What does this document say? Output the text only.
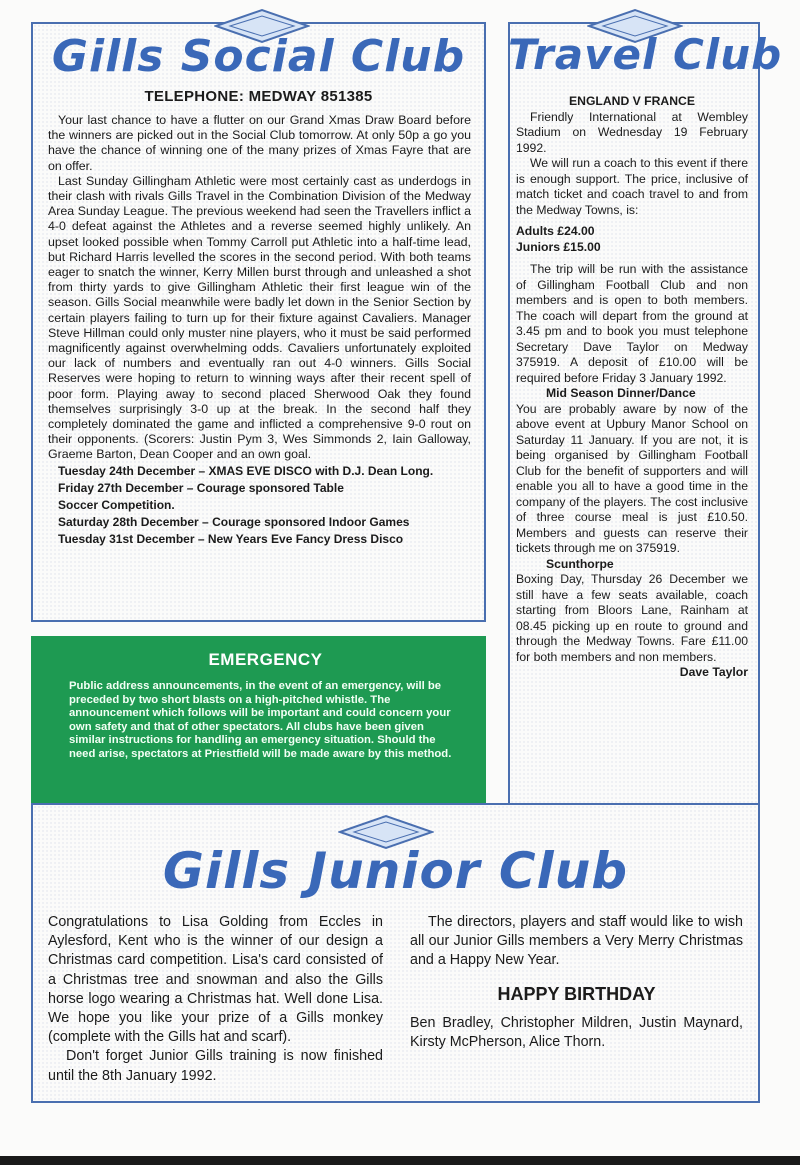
Gills Social Club
TELEPHONE: MEDWAY 851385

Your last chance to have a flutter on our Grand Xmas Draw Board before the winners are picked out in the Social Club tomorrow. At only 50p a go you have the chance of winning one of the many prizes of Xmas Fayre that are on offer.

Last Sunday Gillingham Athletic were most certainly cast as underdogs in their clash with rivals Gills Travel in the Combination Division of the Medway Area Sunday League. The previous weekend had seen the Travellers inflict a 4-0 defeat against the Athletes and a reverse seemed highly unlikely. An upset looked possible when Tommy Carroll put Athletic into a half-time lead, but Richard Harris levelled the scores in the second period. With both teams eager to snatch the winner, Kerry Millen burst through and unleashed a shot from thirty yards to give Gillingham Athletic their first league win of the season. Gills Social meanwhile were badly let down in the Senior Section by certain players failing to turn up for their fixture against Cavaliers. Manager Steve Hillman could only muster nine players, who it must be said performed magnificently against overwhelming odds. Cavaliers unfortunately exploited our lack of numbers and eventually ran out 4-0 winners. Gills Social Reserves were hoping to return to winning ways after their recent spell of poor form. Playing away to second placed Sherwood Oak they found themselves surprisingly 3-0 up at the break. In the second half they completely dominated the game and inflicted a comprehensive 9-0 rout on their opponents. (Scorers: Justin Pym 3, Wes Simmonds 2, Iain Galloway, Graeme Barton, Dean Cooper and an own goal.

Tuesday 24th December – XMAS EVE DISCO with D.J. Dean Long.
Friday 27th December – Courage sponsored Table
Soccer Competition.
Saturday 28th December – Courage sponsored Indoor Games
Tuesday 31st December – New Years Eve Fancy Dress Disco
EMERGENCY

Public address announcements, in the event of an emergency, will be preceded by two short blasts on a high-pitched whistle. The announcement which follows will be important and could concern your own safety and that of other spectators. All clubs have been given similar instructions for handling an emergency situation. Should the need arise, spectators at Priestfield will be made aware by this method.

Travel Club

ENGLAND V FRANCE

Friendly International at Wembley Stadium on Wednesday 19 February 1992.

We will run a coach to this event if there is enough support. The price, inclusive of match ticket and coach travel to and from the Medway Towns, is:

Adults £24.00

Juniors £15.00

The trip will be run with the assistance of Gillingham Football Club and non members and is open to both members. The coach will depart from the ground at 3.45 pm and to book you must telephone Secretary Dave Taylor on Medway 375919. A deposit of £10.00 will be required before Friday 3 January 1992.

Mid Season Dinner/Dance

You are probably aware by now of the above event at Upbury Manor School on Saturday 11 January. If you are not, it is being organised by Gillingham Football Club for the benefit of supporters and will enable you all to have a good time in the company of the players. The cost inclusive of three course meal is just £10.50. Members and guests can reserve their tickets through me on 375919.

Scunthorpe

Boxing Day, Thursday 26 December we still have a few seats available, coach starting from Bloors Lane, Rainham at 08.45 picking up en route to ground and through the Medway Towns. Fare £11.00 for both members and non members.

Dave Taylor

Gills Junior Club

Congratulations to Lisa Golding from Eccles in Aylesford, Kent who is the winner of our design a Christmas card competition. Lisa's card consisted of a Christmas tree and snowman and also the Gills horse logo wearing a Christmas hat. Well done Lisa. We hope you like your prize of a Gills monkey (complete with the Gills hat and scarf).

Don't forget Junior Gills training is now finished until the 8th January 1992.

The directors, players and staff would like to wish all our Junior Gills members a Very Merry Christmas and a Happy New Year.

HAPPY BIRTHDAY

Ben Bradley, Christopher Mildren, Justin Maynard, Kirsty McPherson, Alice Thorn.
